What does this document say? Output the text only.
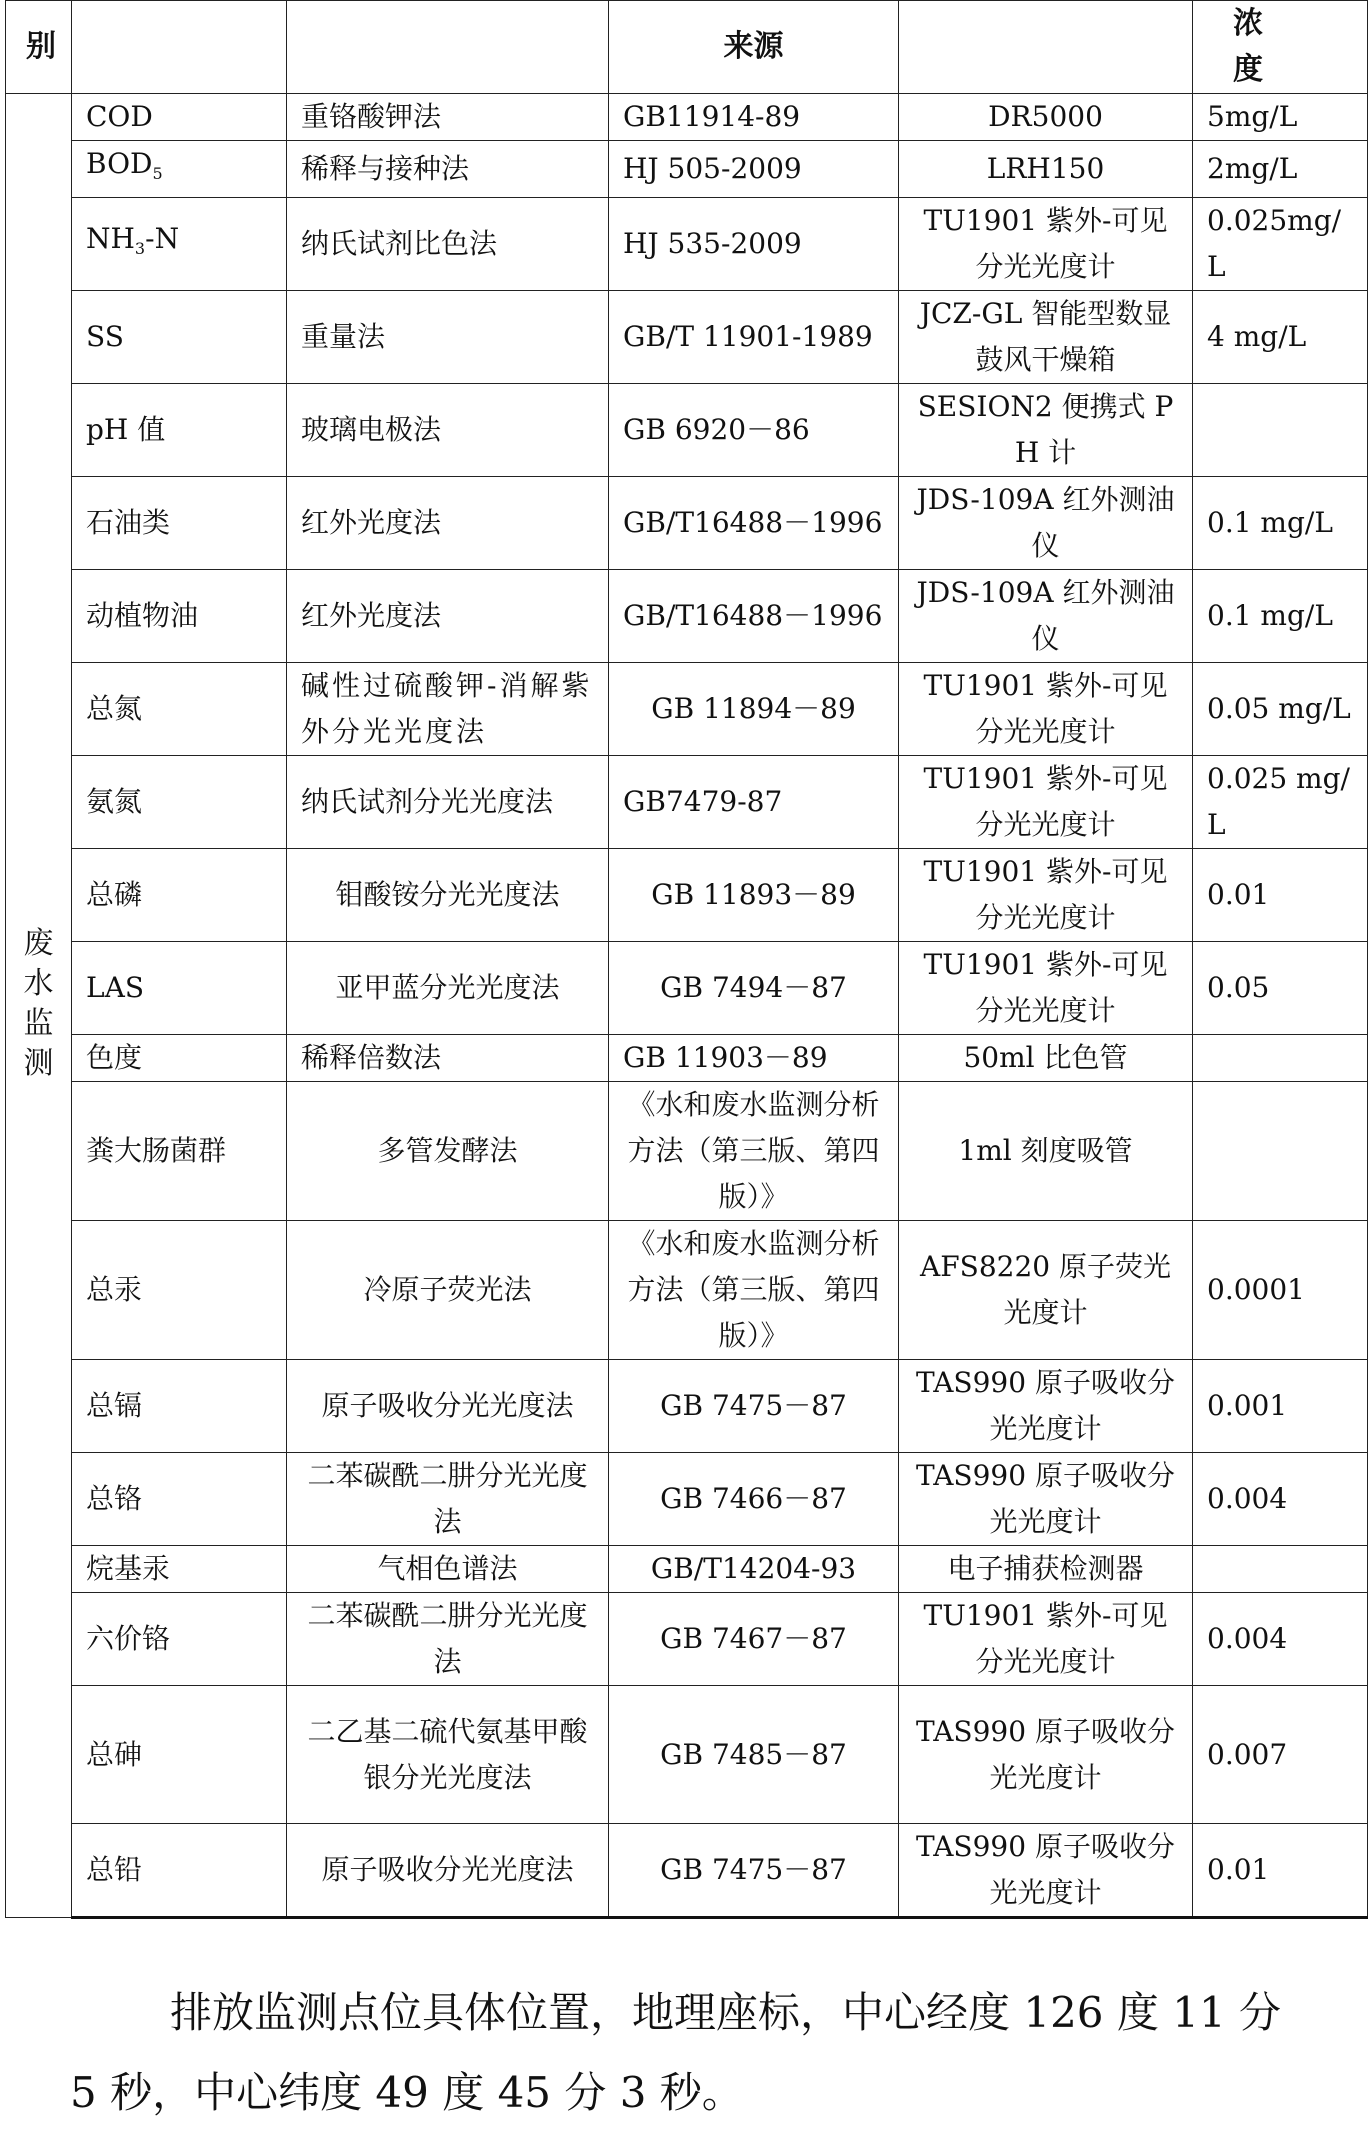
别			来源		浓 度
废水监测	COD	重铬酸钾法	GB11914-89	DR5000	5mg/L
	$BOD_5$	稀释与接种法	HJ 505-2009	LRH150	2mg/L
	$NH_3-N$	纳氏试剂比色法	HJ 535-2009	TU1901 紫外-可见分光光度计	0.025mg/L
	SS	重量法	GB/T 11901-1989	JCZ-GL 智能型数显鼓风干燥箱	4 mg/L
	pH 值	玻璃电极法	GB 6920－86	SESION2 便携式 PH 计	
	石油类	红外光度法	GB/T16488－1996	JDS-109A 红外测油仪	0.1 mg/L
	动植物油	红外光度法	GB/T16488－1996	JDS-109A 红外测油仪	0.1 mg/L
	总氮	碱性过硫酸钾-消解紫外分光光度法	GB 11894－89	TU1901 紫外-可见分光光度计	0.05 mg/L
	氨氮	纳氏试剂分光光度法	GB7479-87	TU1901 紫外-可见分光光度计	0.025 mg/L
	总磷	钼酸铵分光光度法	GB 11893－89	TU1901 紫外-可见分光光度计	0.01
	LAS	亚甲蓝分光光度法	GB 7494－87	TU1901 紫外-可见分光光度计	0.05
	色度	稀释倍数法	GB 11903－89	50ml 比色管	
	粪大肠菌群	多管发酵法	《水和废水监测分析方法（第三版、第四版）》	1ml 刻度吸管	
	总汞	冷原子荧光法	《水和废水监测分析方法（第三版、第四版）》	AFS8220 原子荧光光度计	0.0001
	总镉	原子吸收分光光度法	GB 7475－87	TAS990 原子吸收分光光度计	0.001
	总铬	二苯碳酰二肼分光光度法	GB 7466－87	TAS990 原子吸收分光光度计	0.004
	烷基汞	气相色谱法	GB/T14204-93	电子捕获检测器	
	六价铬	二苯碳酰二肼分光光度法	GB 7467－87	TU1901 紫外-可见分光光度计	0.004
	总砷	二乙基二硫代氨基甲酸银分光光度法	GB 7485－87	TAS990 原子吸收分光光度计	0.007
	总铅	原子吸收分光光度法	GB 7475－87	TAS990 原子吸收分光光度计	0.01

排放监测点位具体位置，地理座标，中心经度 126 度 11 分 5 秒，中心纬度 49 度 45 分 3 秒。
